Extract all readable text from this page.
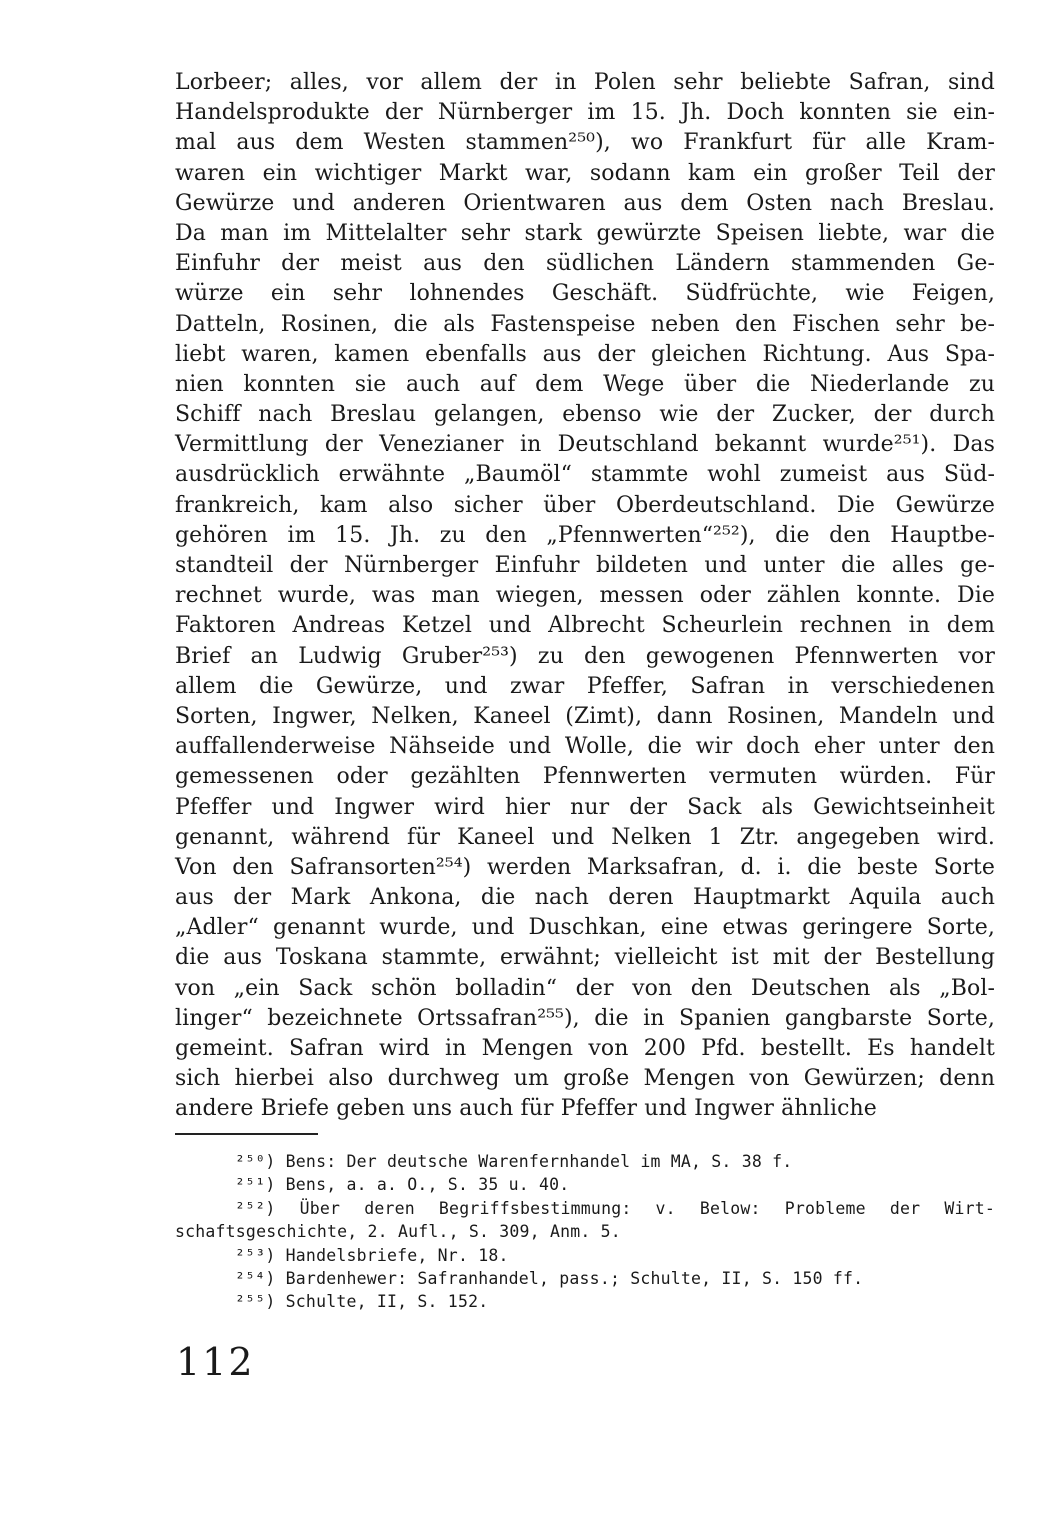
Lorbeer; alles, vor allem der in Polen sehr beliebte Safran, sind
Handelsprodukte der Nürnberger im 15. Jh. Doch konnten sie ein-
mal aus dem Westen stammen²⁵⁰), wo Frankfurt für alle Kram-
waren ein wichtiger Markt war, sodann kam ein großer Teil der
Gewürze und anderen Orientwaren aus dem Osten nach Breslau.
Da man im Mittelalter sehr stark gewürzte Speisen liebte, war die
Einfuhr der meist aus den südlichen Ländern stammenden Ge-
würze ein sehr lohnendes Geschäft. Südfrüchte, wie Feigen,
Datteln, Rosinen, die als Fastenspeise neben den Fischen sehr be-
liebt waren, kamen ebenfalls aus der gleichen Richtung. Aus Spa-
nien konnten sie auch auf dem Wege über die Niederlande zu
Schiff nach Breslau gelangen, ebenso wie der Zucker, der durch
Vermittlung der Venezianer in Deutschland bekannt wurde²⁵¹). Das
ausdrücklich erwähnte „Baumöl“ stammte wohl zumeist aus Süd-
frankreich, kam also sicher über Oberdeutschland. Die Gewürze
gehören im 15. Jh. zu den „Pfennwerten“²⁵²), die den Hauptbe-
standteil der Nürnberger Einfuhr bildeten und unter die alles ge-
rechnet wurde, was man wiegen, messen oder zählen konnte. Die
Faktoren Andreas Ketzel und Albrecht Scheurlein rechnen in dem
Brief an Ludwig Gruber²⁵³) zu den gewogenen Pfennwerten vor
allem die Gewürze, und zwar Pfeffer, Safran in verschiedenen
Sorten, Ingwer, Nelken, Kaneel (Zimt), dann Rosinen, Mandeln und
auffallenderweise Nähseide und Wolle, die wir doch eher unter den
gemessenen oder gezählten Pfennwerten vermuten würden. Für
Pfeffer und Ingwer wird hier nur der Sack als Gewichtseinheit
genannt, während für Kaneel und Nelken 1 Ztr. angegeben wird.
Von den Safransorten²⁵⁴) werden Marksafran, d. i. die beste Sorte
aus der Mark Ankona, die nach deren Hauptmarkt Aquila auch
„Adler“ genannt wurde, und Duschkan, eine etwas geringere Sorte,
die aus Toskana stammte, erwähnt; vielleicht ist mit der Bestellung
von „ein Sack schön bolladin“ der von den Deutschen als „Bol-
linger“ bezeichnete Ortssafran²⁵⁵), die in Spanien gangbarste Sorte,
gemeint. Safran wird in Mengen von 200 Pfd. bestellt. Es handelt
sich hierbei also durchweg um große Mengen von Gewürzen; denn
andere Briefe geben uns auch für Pfeffer und Ingwer ähnliche
²⁵⁰) Bens: Der deutsche Warenfernhandel im MA, S. 38 f.
²⁵¹) Bens, a. a. O., S. 35 u. 40.
²⁵²) Über deren Begriffsbestimmung: v. Below: Probleme der Wirt-
schaftsgeschichte, 2. Aufl., S. 309, Anm. 5.
²⁵³) Handelsbriefe, Nr. 18.
²⁵⁴) Bardenhewer: Safranhandel, pass.; Schulte, II, S. 150 ff.
²⁵⁵) Schulte, II, S. 152.
112
